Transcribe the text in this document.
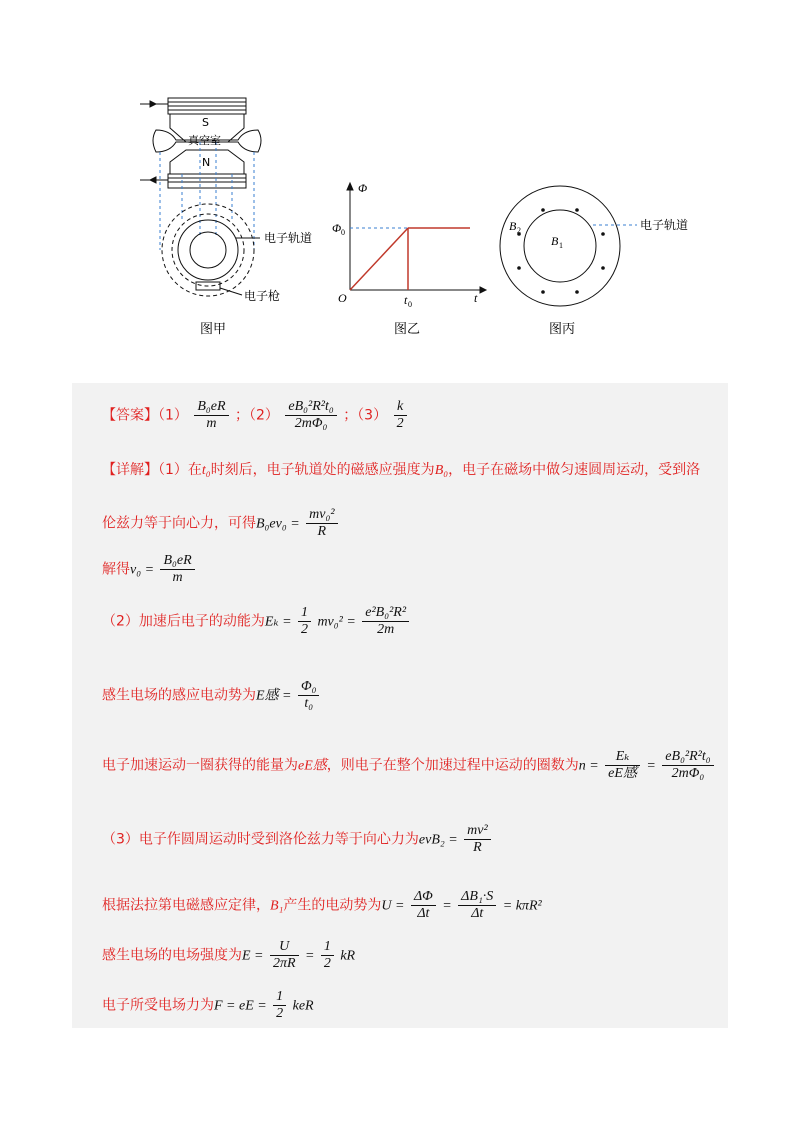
S
真空室
N
电子轨道
电子枪
图甲
Φ
Φ 0
O	t 0	t
图乙
B 2
B 1
电子轨道
图丙
【答案】$(1) \frac{\text{B₀eR}}{m}$ ；$(2) \frac{\text{eB₀²R²t₀}}{\text{2mΦ₀}}$ ；$(3) \frac{k}{2}$
【详解】（1）在t₀时刻后，电子轨道处的磁感应强度为B₀，电子在磁场中做匀速圆周运动，受到洛
伦兹力等于向心力，可得$B_0ev_0 = \frac{\text{mv₀²}}{R}$
解得$v_0 = \frac{\text{B₀eR}}{m}$
（2）加速后电子的动能为$E_k = \frac{1}{2} mv_0^2 = \frac{\text{e²B₀²R²}}{2m}$
感生电场的感应电动势为E感 = $\frac{\text{Φ₀}}{\text{t₀}}$
电子加速运动一圈获得的能量为eE感，则电子在整个加速过程中运动的圈数为$n = \frac{\text{Eₖ}}{\text{eE感}} = \frac{\text{eB₀²R²t₀}}{\text{2mΦ₀}}$
（3）电子作圆周运动时受到洛伦兹力等于向心力为$evB_2 = \frac{\text{mv²}}{R}$
根据法拉第电磁感应定律，B₁产生的电动势为$U = \frac{\Delta\Phi}{\Delta t} = \frac{\text{ΔB₁·S}}{\Delta t} = k\pi R^2$
感生电场的电场强度为$E = \frac{U}{2\pi R} = \frac{1}{2}$ kR
电子所受电场力为F = eE = $\frac{1}{2}$ keR
